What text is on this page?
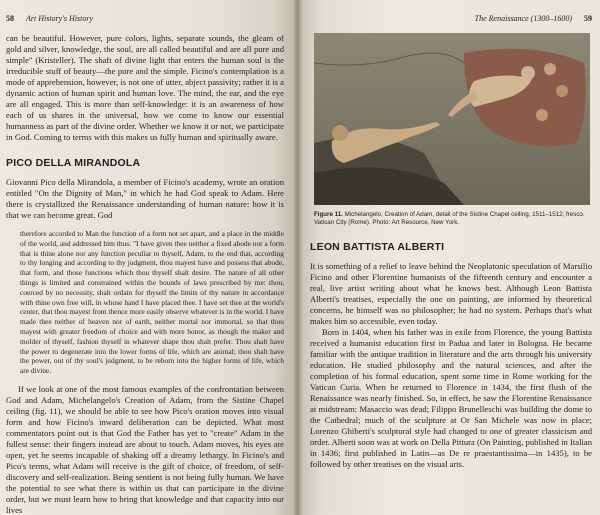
58 Art History's History

can be beautiful. However, pure colors, lights, separate sounds, the gleam of gold and silver, knowledge, the soul, are all called beautiful and are all pure and simple" (Kristeller). The shaft of divine light that enters the human soul is the irreducible stuff of beauty—the pure and the simple. Ficino's contemplation is a mode of apprehension, however, is not one of utter, abject passivity; rather it is a dynamic action of human spirit and human love. The mind, the ear, and the eye are all engaged. This is more than self-knowledge: it is an awareness of how each of us shares in the universal, how we come to know our essential humanness as part of the divine order. Whether we know it or not, we participate in God. Coming to terms with this makes us fully human and spiritually aware.

PICO DELLA MIRANDOLA

Giovanni Pico della Mirandola, a member of Ficino's academy, wrote an oration entitled "On the Dignity of Man," in which he had God speak to Adam. Here there is crystallized the Renaissance understanding of human nature: how it is that we can become great. God

therefore accorded to Man the function of a form not set apart, and a place in the middle of the world, and addressed him thus: "I have given thee neither a fixed abode nor a form that is thine alone nor any function peculiar to thyself, Adam, to the end that, according to thy longing and according to thy judgment, thou mayest have and possess that abode, that form, and those functions which thou thyself shalt desire. The nature of all other things is limited and constrained within the bounds of laws prescribed by me: thou, coerced by no necessity, shalt ordain for thyself the limits of thy nature in accordance with thine own free will, in whose hand I have placed thee. I have set thee at the world's center, that thou mayest from thence more easily observe whatever is in the world. I have made thee neither of heaven nor of earth, neither mortal nor immortal, so that thou mayest with greater freedom of choice and with more honor, as though the maker and molder of thyself, fashion thyself in whatever shape thou shalt prefer. Thou shalt have the power to degenerate into the lower forms of life, which are animal; thou shalt have the power, out of thy soul's judgment, to be reborn into the higher forms of life, which are divine.

If we look at one of the most famous examples of the confrontation between God and Adam, Michelangelo's Creation of Adam, from the Sistine Chapel ceiling (fig. 11), we should be able to see how Pico's oration moves into visual form and how Ficino's inward deliberation can be depicted. What most commentators point out is that God the Father has yet to "create" Adam in the fullest sense: their fingers instead are about to touch. Adam moves, his eyes are open, yet he seems incapable of shaking off a dreamy lethargy. In Ficino's and Pico's terms, what Adam will receive is the gift of choice, of freedom, of self-discovery and self-realization. Being sentient is not being fully human. We have the potential to see what there is within us that can participate in the divine order, but we must learn how to bring that knowledge and that capacity into our lives

The Renaissance (1300–1600) 59

Figure 11. Michelangelo, Creation of Adam, detail of the Sistine Chapel ceiling, 1511–1512; fresco. Vatican City (Rome). Photo: Art Resource, New York.

LEON BATTISTA ALBERTI

It is something of a relief to leave behind the Neoplatonic speculation of Marsilio Ficino and other Florentine humanists of the fifteenth century and encounter a real, live artist writing about what he knows best. Although Leon Battista Alberti's treatises, especially the one on painting, are informed by theoretical concerns, he himself was no philosopher; he had no system. Perhaps that's what makes him so accessible, even today.

Born in 1404, when his father was in exile from Florence, the young Battista received a humanist education first in Padua and later in Bologna. He became familiar with the antique tradition in literature and the arts through his university education. He studied philosophy and the natural sciences, and after the completion of his formal education, spent some time in Rome working for the Vatican Curia. When he returned to Florence in 1434, the first flush of the Renaissance was nearly finished. So, in effect, he saw the Florentine Renaissance at midstream: Masaccio was dead; Filippo Brunelleschi was building the dome to the Cathedral; much of the sculpture at Or San Michele was now in place; Lorenzo Ghiberti's sculptural style had changed to one of greater classicism and order. Alberti soon was at work on Della Pittura (On Painting, published in Italian in 1436; first published in Latin—as De re praestantissima—in 1435), to be followed by other treatises on the visual arts.
